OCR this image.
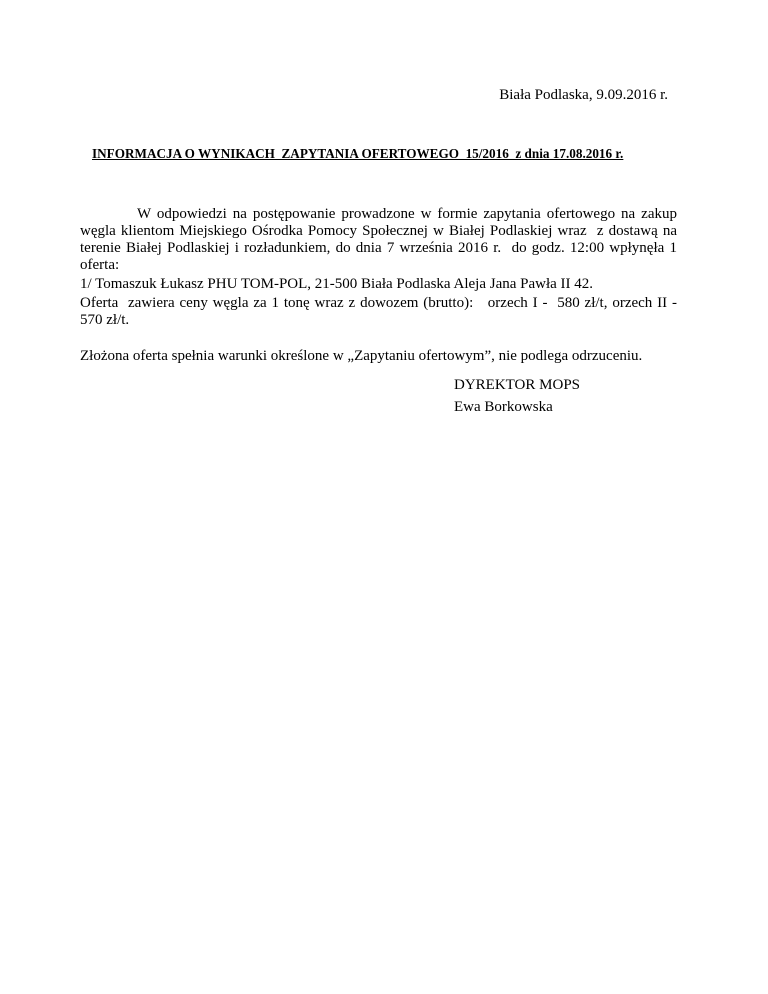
Biała Podlaska, 9.09.2016 r.
INFORMACJA O WYNIKACH  ZAPYTANIA OFERTOWEGO  15/2016  z dnia 17.08.2016 r.

W odpowiedzi na postępowanie prowadzone w formie zapytania ofertowego na zakup węgla klientom Miejskiego Ośrodka Pomocy Społecznej w Białej Podlaskiej wraz  z dostawą na terenie Białej Podlaskiej i rozładunkiem, do dnia 7 września 2016 r.  do godz. 12:00 wpłynęła 1 oferta:

1/ Tomaszuk Łukasz PHU TOM-POL, 21-500 Biała Podlaska Aleja Jana Pawła II 42.

Oferta  zawiera ceny węgla za 1 tonę wraz z dowozem (brutto):   orzech I -  580 zł/t, orzech II - 570 zł/t.

Złożona oferta spełnia warunki określone w „Zapytaniu ofertowym”, nie podlega odrzuceniu.

DYREKTOR MOPS
Ewa Borkowska
